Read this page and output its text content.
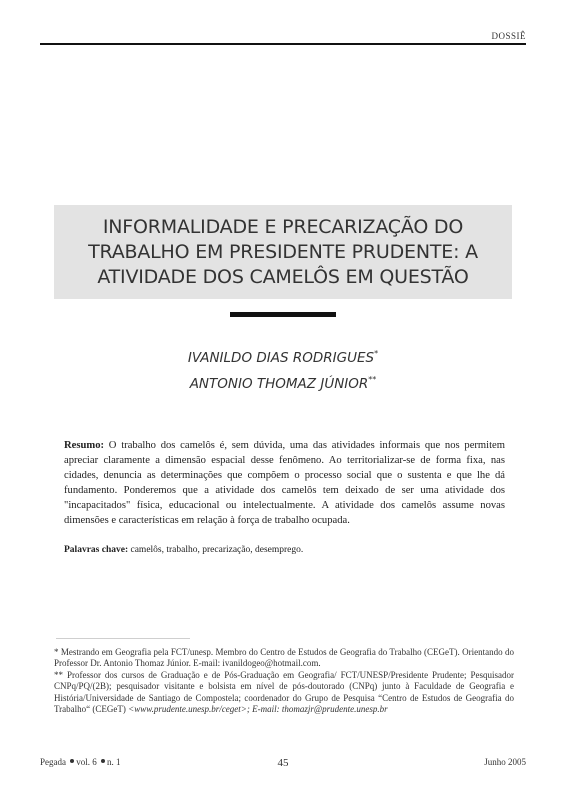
DOSSIÊ
INFORMALIDADE E PRECARIZAÇÃO DO
TRABALHO EM PRESIDENTE PRUDENTE: A
ATIVIDADE DOS CAMELÔS EM QUESTÃO
IVANILDO DIAS RODRIGUES*
ANTONIO THOMAZ JÚNIOR**
Resumo: O trabalho dos camelôs é, sem dúvida, uma das atividades informais que nos permitem apreciar claramente a dimensão espacial desse fenômeno. Ao territorializar-se de forma fixa, nas cidades, denuncia as determinações que compõem o processo social que o sustenta e que lhe dá fundamento. Ponderemos que a atividade dos camelôs tem deixado de ser uma atividade dos "incapacitados" física, educacional ou intelectualmente. A atividade dos camelôs assume novas dimensões e características em relação à força de trabalho ocupada.
Palavras chave: camelôs, trabalho, precarização, desemprego.

* Mestrando em Geografia pela FCT/unesp. Membro do Centro de Estudos de Geografia do Trabalho (CEGeT). Orientando do Professor Dr. Antonio Thomaz Júnior. E-mail: ivanildogeo@hotmail.com.

** Professor dos cursos de Graduação e de Pós-Graduação em Geografia/ FCT/UNESP/Presidente Prudente; Pesquisador CNPq/PQ/(2B); pesquisador visitante e bolsista em nível de pós-doutorado (CNPq) junto à Faculdade de Geografia e História/Universidade de Santiago de Compostela; coordenador do Grupo de Pesquisa “Centro de Estudos de Geografia do Trabalho“ (CEGeT) <www.prudente.unesp.br/ceget>; E-mail: thomazjr@prudente.unesp.br

Pegada vol. 6 n. 1	45	Junho 2005
